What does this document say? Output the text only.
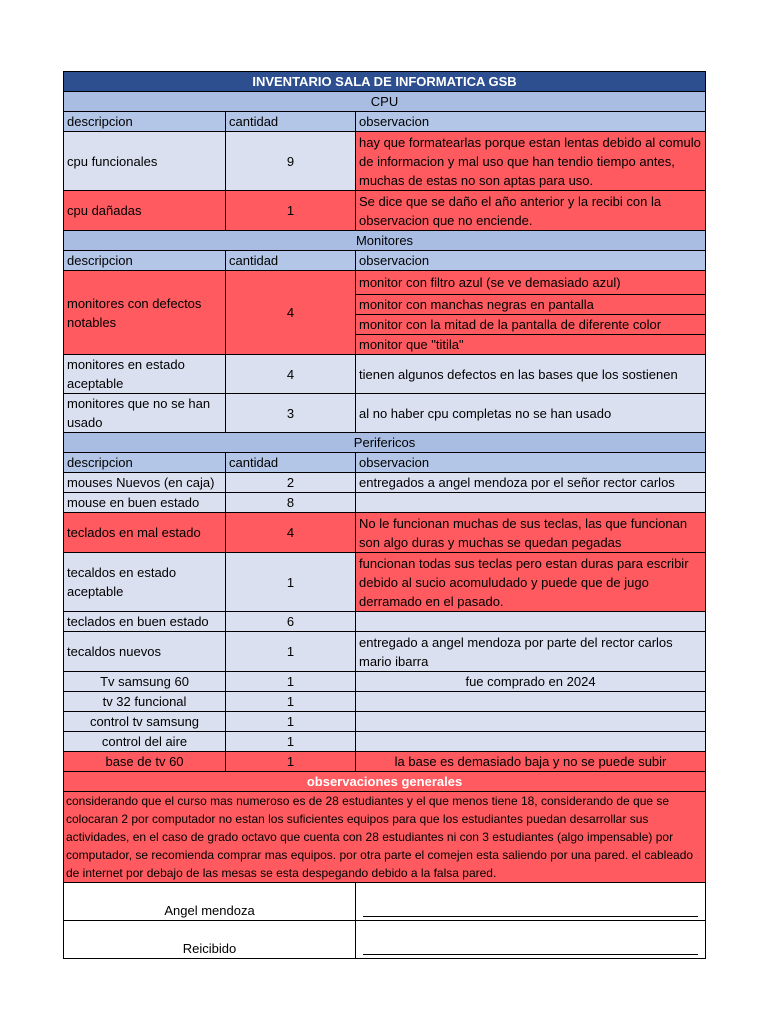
INVENTARIO SALA DE INFORMATICA GSB		
CPU		
descripcion	cantidad	observacion
cpu funcionales	9	hay que formatearlas porque estan lentas debido al comulo de informacion y mal uso que han tendio tiempo antes, muchas de estas no son aptas para uso.
cpu dañadas	1	Se dice que se daño el año anterior y la recibi con la observacion que no enciende.
Monitores		
descripcion	cantidad	observacion
monitores con defectos notables	4	monitor con filtro azul (se ve demasiado azul)
		monitor con manchas negras en pantalla
		monitor con la mitad de la pantalla de diferente color
		monitor que "titila"
monitores en estado aceptable	4	tienen algunos defectos en las bases que los sostienen
monitores que no se han usado	3	al no haber cpu completas no se han usado
Perifericos		
descripcion	cantidad	observacion
mouses Nuevos (en caja)	2	entregados a angel mendoza por el señor rector carlos
mouse en buen estado	8	
teclados en mal estado	4	No le funcionan muchas de sus teclas, las que funcionan son algo duras y muchas se quedan pegadas
tecaldos en estado aceptable	1	funcionan todas sus teclas pero estan duras para escribir debido al sucio acomuludado y puede que de jugo derramado en el pasado.
teclados en buen estado	6	
tecaldos nuevos	1	entregado a angel mendoza por parte del rector carlos mario ibarra
Tv samsung 60	1	fue comprado en 2024
tv 32 funcional	1	
control tv samsung	1	
control del aire	1	
base de tv 60	1	la base es demasiado baja y no se puede subir
observaciones generales		
considerando que el curso mas numeroso es de 28 estudiantes y el que menos tiene 18, considerando de que se colocaran 2 por computador no estan los suficientes equipos para que los estudiantes puedan desarrollar sus actividades, en el caso de grado octavo que cuenta con 28 estudiantes ni con 3 estudiantes (algo impensable) por computador, se recomienda comprar mas equipos. por otra parte el comejen esta saliendo por una pared. el cableado de internet por debajo de las mesas se esta despegando debido a la falsa pared.		
Angel mendoza		

Reicibido		
